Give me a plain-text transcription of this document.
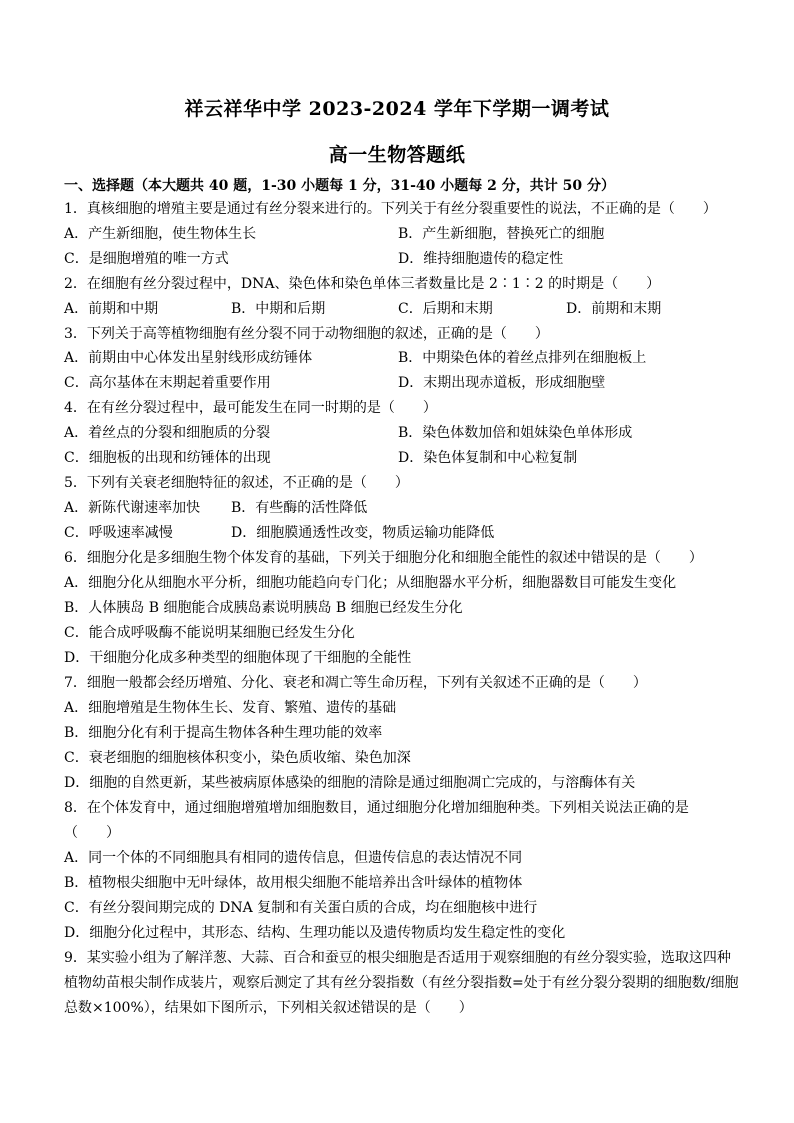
祥云祥华中学 2023-2024 学年下学期一调考试
高一生物答题纸
一、选择题（本大题共 40 题，1-30 小题每 1 分，31-40 小题每 2 分，共计 50 分）
1．真核细胞的增殖主要是通过有丝分裂来进行的。下列关于有丝分裂重要性的说法，不正确的是（　　）
A．产生新细胞，使生物体生长	B．产生新细胞，替换死亡的细胞
C．是细胞增殖的唯一方式	D．维持细胞遗传的稳定性
2．在细胞有丝分裂过程中，DNA、染色体和染色单体三者数量比是 2∶1∶2 的时期是（　　）
A．前期和中期	B．中期和后期	C．后期和末期	D．前期和末期
3．下列关于高等植物细胞有丝分裂不同于动物细胞的叙述，正确的是（　　）
A．前期由中心体发出星射线形成纺锤体	B．中期染色体的着丝点排列在细胞板上
C．高尔基体在末期起着重要作用	D．末期出现赤道板，形成细胞壁
4．在有丝分裂过程中，最可能发生在同一时期的是（　　）
A．着丝点的分裂和细胞质的分裂	B．染色体数加倍和姐妹染色单体形成
C．细胞板的出现和纺锤体的出现	D．染色体复制和中心粒复制
5．下列有关衰老细胞特征的叙述，不正确的是（　　）
A．新陈代谢速率加快 B．有些酶的活性降低
C．呼吸速率减慢	D．细胞膜通透性改变，物质运输功能降低
6．细胞分化是多细胞生物个体发育的基础，下列关于细胞分化和细胞全能性的叙述中错误的是（　　）
A．细胞分化从细胞水平分析，细胞功能趋向专门化；从细胞器水平分析，细胞器数目可能发生变化
B．人体胰岛 B 细胞能合成胰岛素说明胰岛 B 细胞已经发生分化
C．能合成呼吸酶不能说明某细胞已经发生分化
D．干细胞分化成多种类型的细胞体现了干细胞的全能性
7．细胞一般都会经历增殖、分化、衰老和凋亡等生命历程，下列有关叙述不正确的是（　　）
A．细胞增殖是生物体生长、发育、繁殖、遗传的基础
B．细胞分化有利于提高生物体各种生理功能的效率
C．衰老细胞的细胞核体积变小，染色质收缩、染色加深
D．细胞的自然更新，某些被病原体感染的细胞的清除是通过细胞凋亡完成的，与溶酶体有关
8．在个体发育中，通过细胞增殖增加细胞数目，通过细胞分化增加细胞种类。下列相关说法正确的是
（　　）
A．同一个体的不同细胞具有相同的遗传信息，但遗传信息的表达情况不同
B．植物根尖细胞中无叶绿体，故用根尖细胞不能培养出含叶绿体的植物体
C．有丝分裂间期完成的 DNA 复制和有关蛋白质的合成，均在细胞核中进行
D．细胞分化过程中，其形态、结构、生理功能以及遗传物质均发生稳定性的变化
9．某实验小组为了解洋葱、大蒜、百合和蚕豆的根尖细胞是否适用于观察细胞的有丝分裂实验，选取这四种
植物幼苗根尖制作成装片，观察后测定了其有丝分裂指数（有丝分裂指数=处于有丝分裂分裂期的细胞数/细胞
总数×100%），结果如下图所示，下列相关叙述错误的是（　　）
